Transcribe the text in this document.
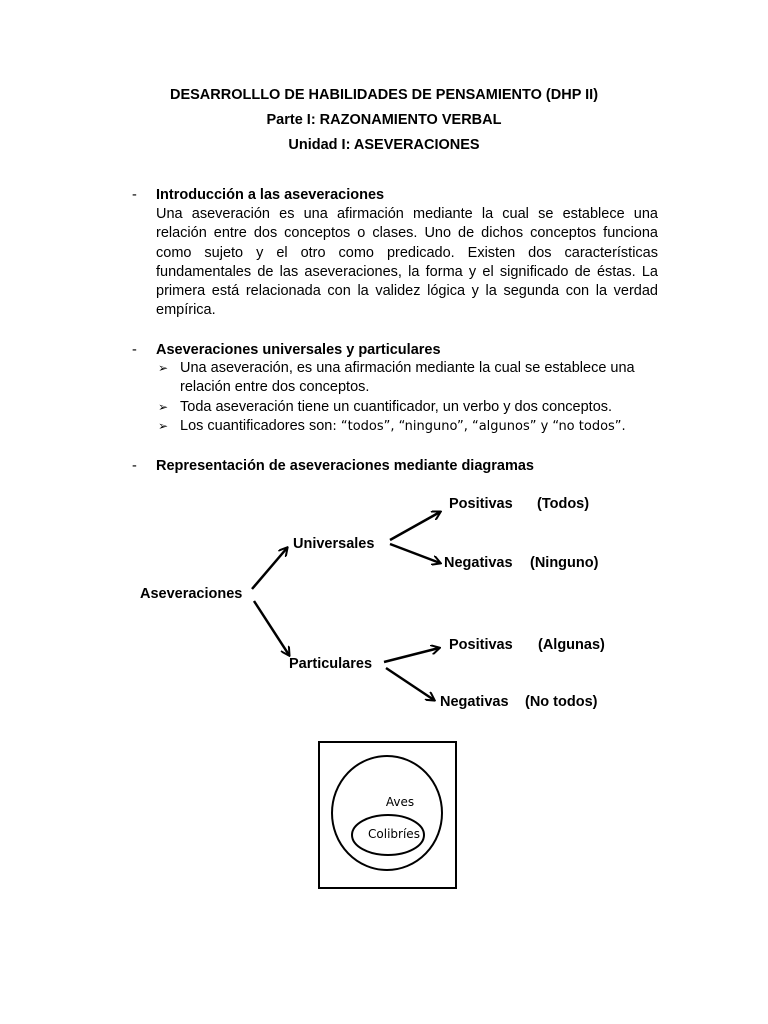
DESARROLLLO DE HABILIDADES DE PENSAMIENTO (DHP II)
Parte I: RAZONAMIENTO VERBAL
Unidad I: ASEVERACIONES
- Introducción a las aseveraciones

Una aseveración es una afirmación mediante la cual se establece una relación entre dos conceptos o clases. Uno de dichos conceptos funciona como sujeto y el otro como predicado. Existen dos características fundamentales de las aseveraciones, la forma y el significado de éstas. La primera está relacionada con la validez lógica y la segunda con la verdad empírica.

- Aseveraciones universales y particulares
➢ Una aseveración, es una afirmación mediante la cual se establece una relación entre dos conceptos.
➢ Toda aseveración tiene un cuantificador, un verbo y dos conceptos.
➢ Los cuantificadores son: “todos”, “ninguno”, “algunos” y “no todos”.
- Representación de aseveraciones mediante diagramas
Aseveraciones
Universales
Particulares
Positivas (Todos)
Negativas (Ninguno)
Positivas (Algunas)
Negativas (No todos)
Aves
Colibríes
